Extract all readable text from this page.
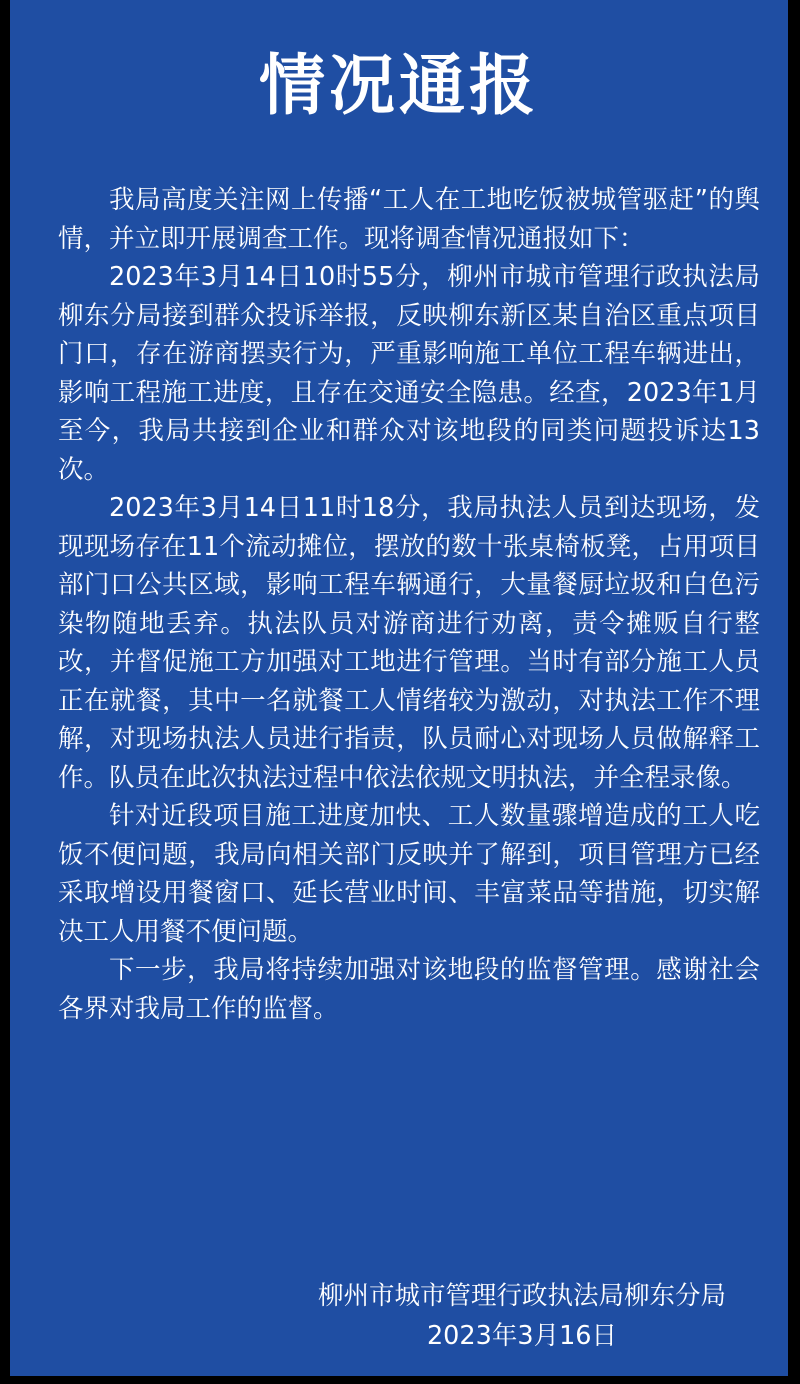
情况通报

我局高度关注网上传播“工人在工地吃饭被城管驱赶”的舆情，并立即开展调查工作。现将调查情况通报如下：

2023年3月14日10时55分，柳州市城市管理行政执法局柳东分局接到群众投诉举报，反映柳东新区某自治区重点项目门口，存在游商摆卖行为，严重影响施工单位工程车辆进出，影响工程施工进度，且存在交通安全隐患。经查，2023年1月至今，我局共接到企业和群众对该地段的同类问题投诉达13次。

2023年3月14日11时18分，我局执法人员到达现场，发现现场存在11个流动摊位，摆放的数十张桌椅板凳，占用项目部门口公共区域，影响工程车辆通行，大量餐厨垃圾和白色污染物随地丢弃。执法队员对游商进行劝离，责令摊贩自行整改，并督促施工方加强对工地进行管理。当时有部分施工人员正在就餐，其中一名就餐工人情绪较为激动，对执法工作不理解，对现场执法人员进行指责，队员耐心对现场人员做解释工作。队员在此次执法过程中依法依规文明执法，并全程录像。

针对近段项目施工进度加快、工人数量骤增造成的工人吃饭不便问题，我局向相关部门反映并了解到，项目管理方已经采取增设用餐窗口、延长营业时间、丰富菜品等措施，切实解决工人用餐不便问题。

下一步，我局将持续加强对该地段的监督管理。感谢社会各界对我局工作的监督。

柳州市城市管理行政执法局柳东分局
2023年3月16日
